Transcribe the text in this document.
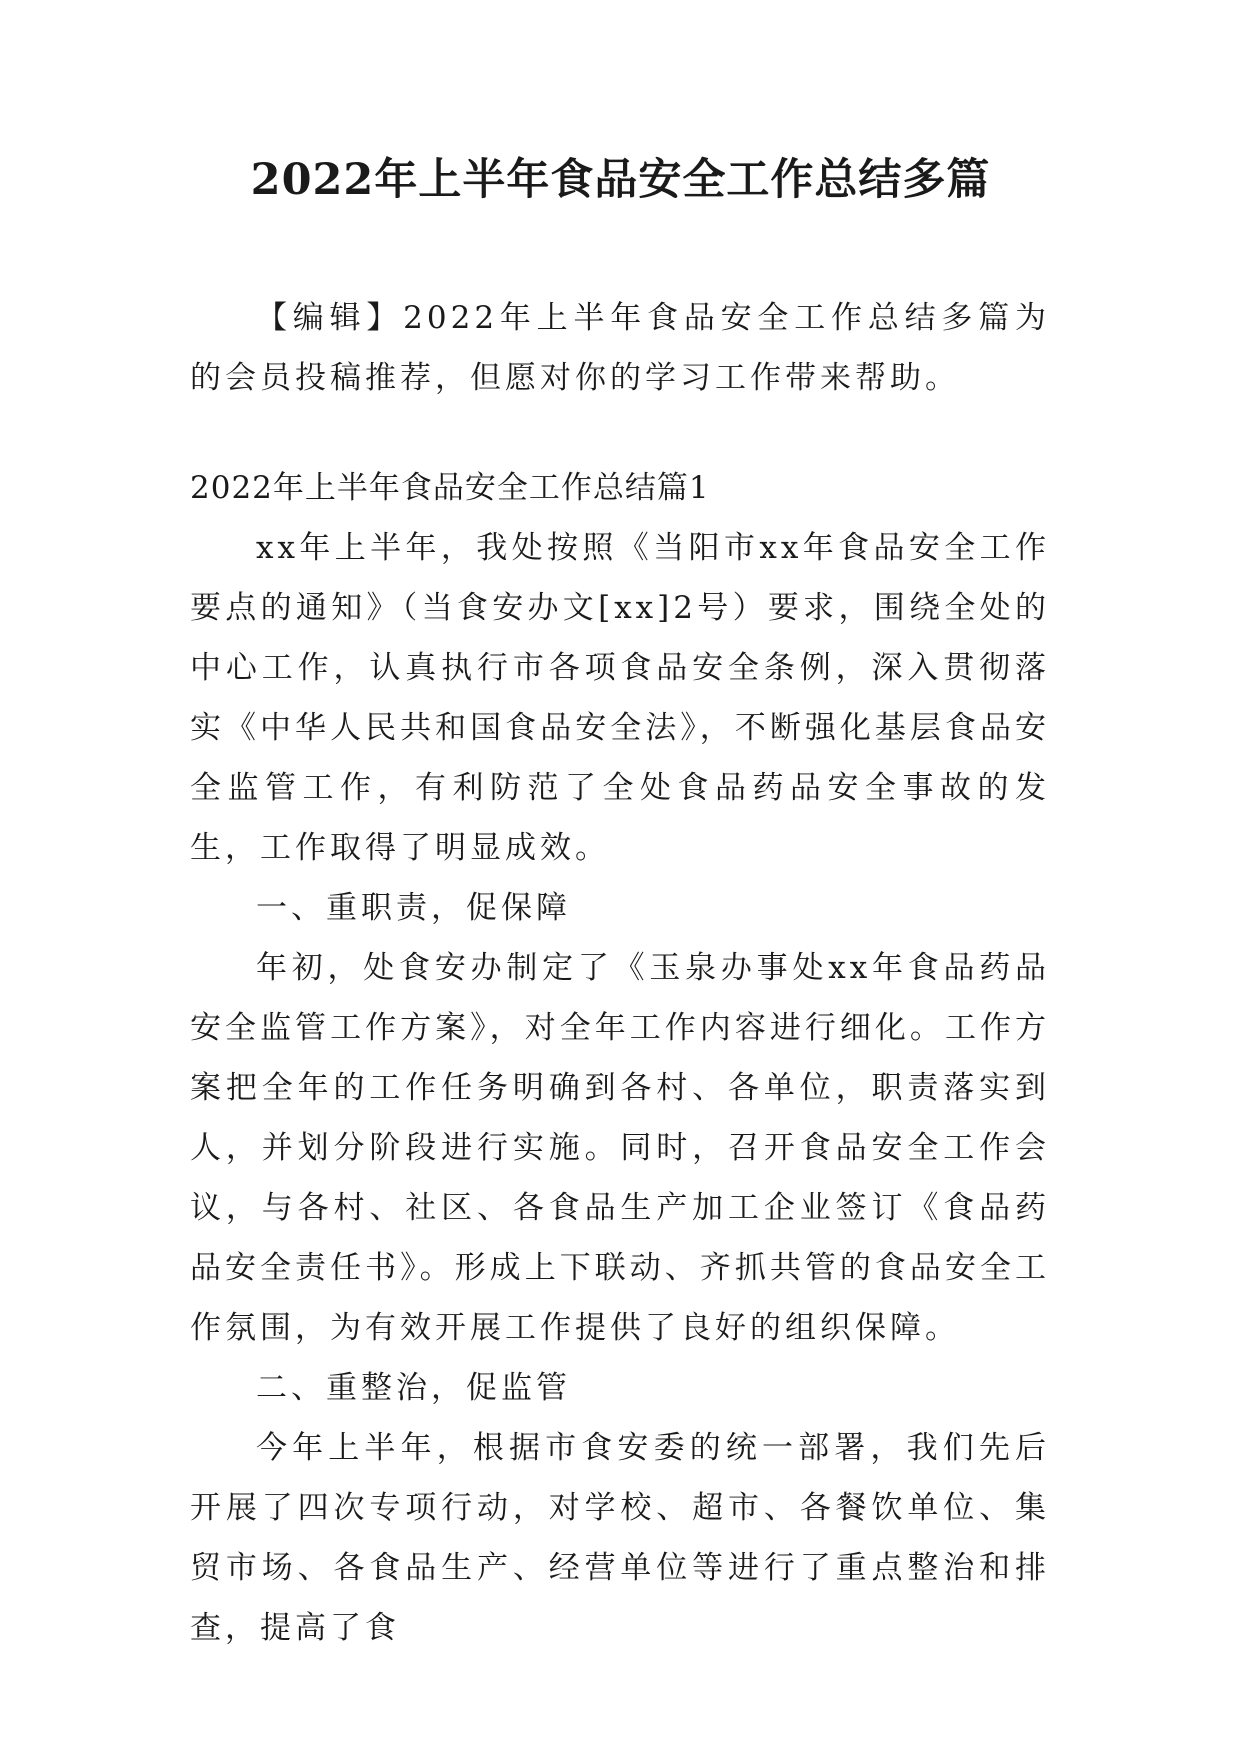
2022年上半年食品安全工作总结多篇

【编辑】2022年上半年食品安全工作总结多篇为的会员投稿推荐，但愿对你的学习工作带来帮助。

2022年上半年食品安全工作总结篇1

xx年上半年，我处按照《当阳市xx年食品安全工作要点的通知》（当食安办文[xx]2号）要求，围绕全处的中心工作，认真执行市各项食品安全条例，深入贯彻落实《中华人民共和国食品安全法》，不断强化基层食品安全监管工作，有利防范了全处食品药品安全事故的发生，工作取得了明显成效。

一、重职责，促保障

年初，处食安办制定了《玉泉办事处xx年食品药品安全监管工作方案》，对全年工作内容进行细化。工作方案把全年的工作任务明确到各村、各单位，职责落实到人，并划分阶段进行实施。同时，召开食品安全工作会议，与各村、社区、各食品生产加工企业签订《食品药品安全责任书》。形成上下联动、齐抓共管的食品安全工作氛围，为有效开展工作提供了良好的组织保障。

二、重整治，促监管

今年上半年，根据市食安委的统一部署，我们先后开展了四次专项行动，对学校、超市、各餐饮单位、集贸市场、各食品生产、经营单位等进行了重点整治和排查，提高了食
